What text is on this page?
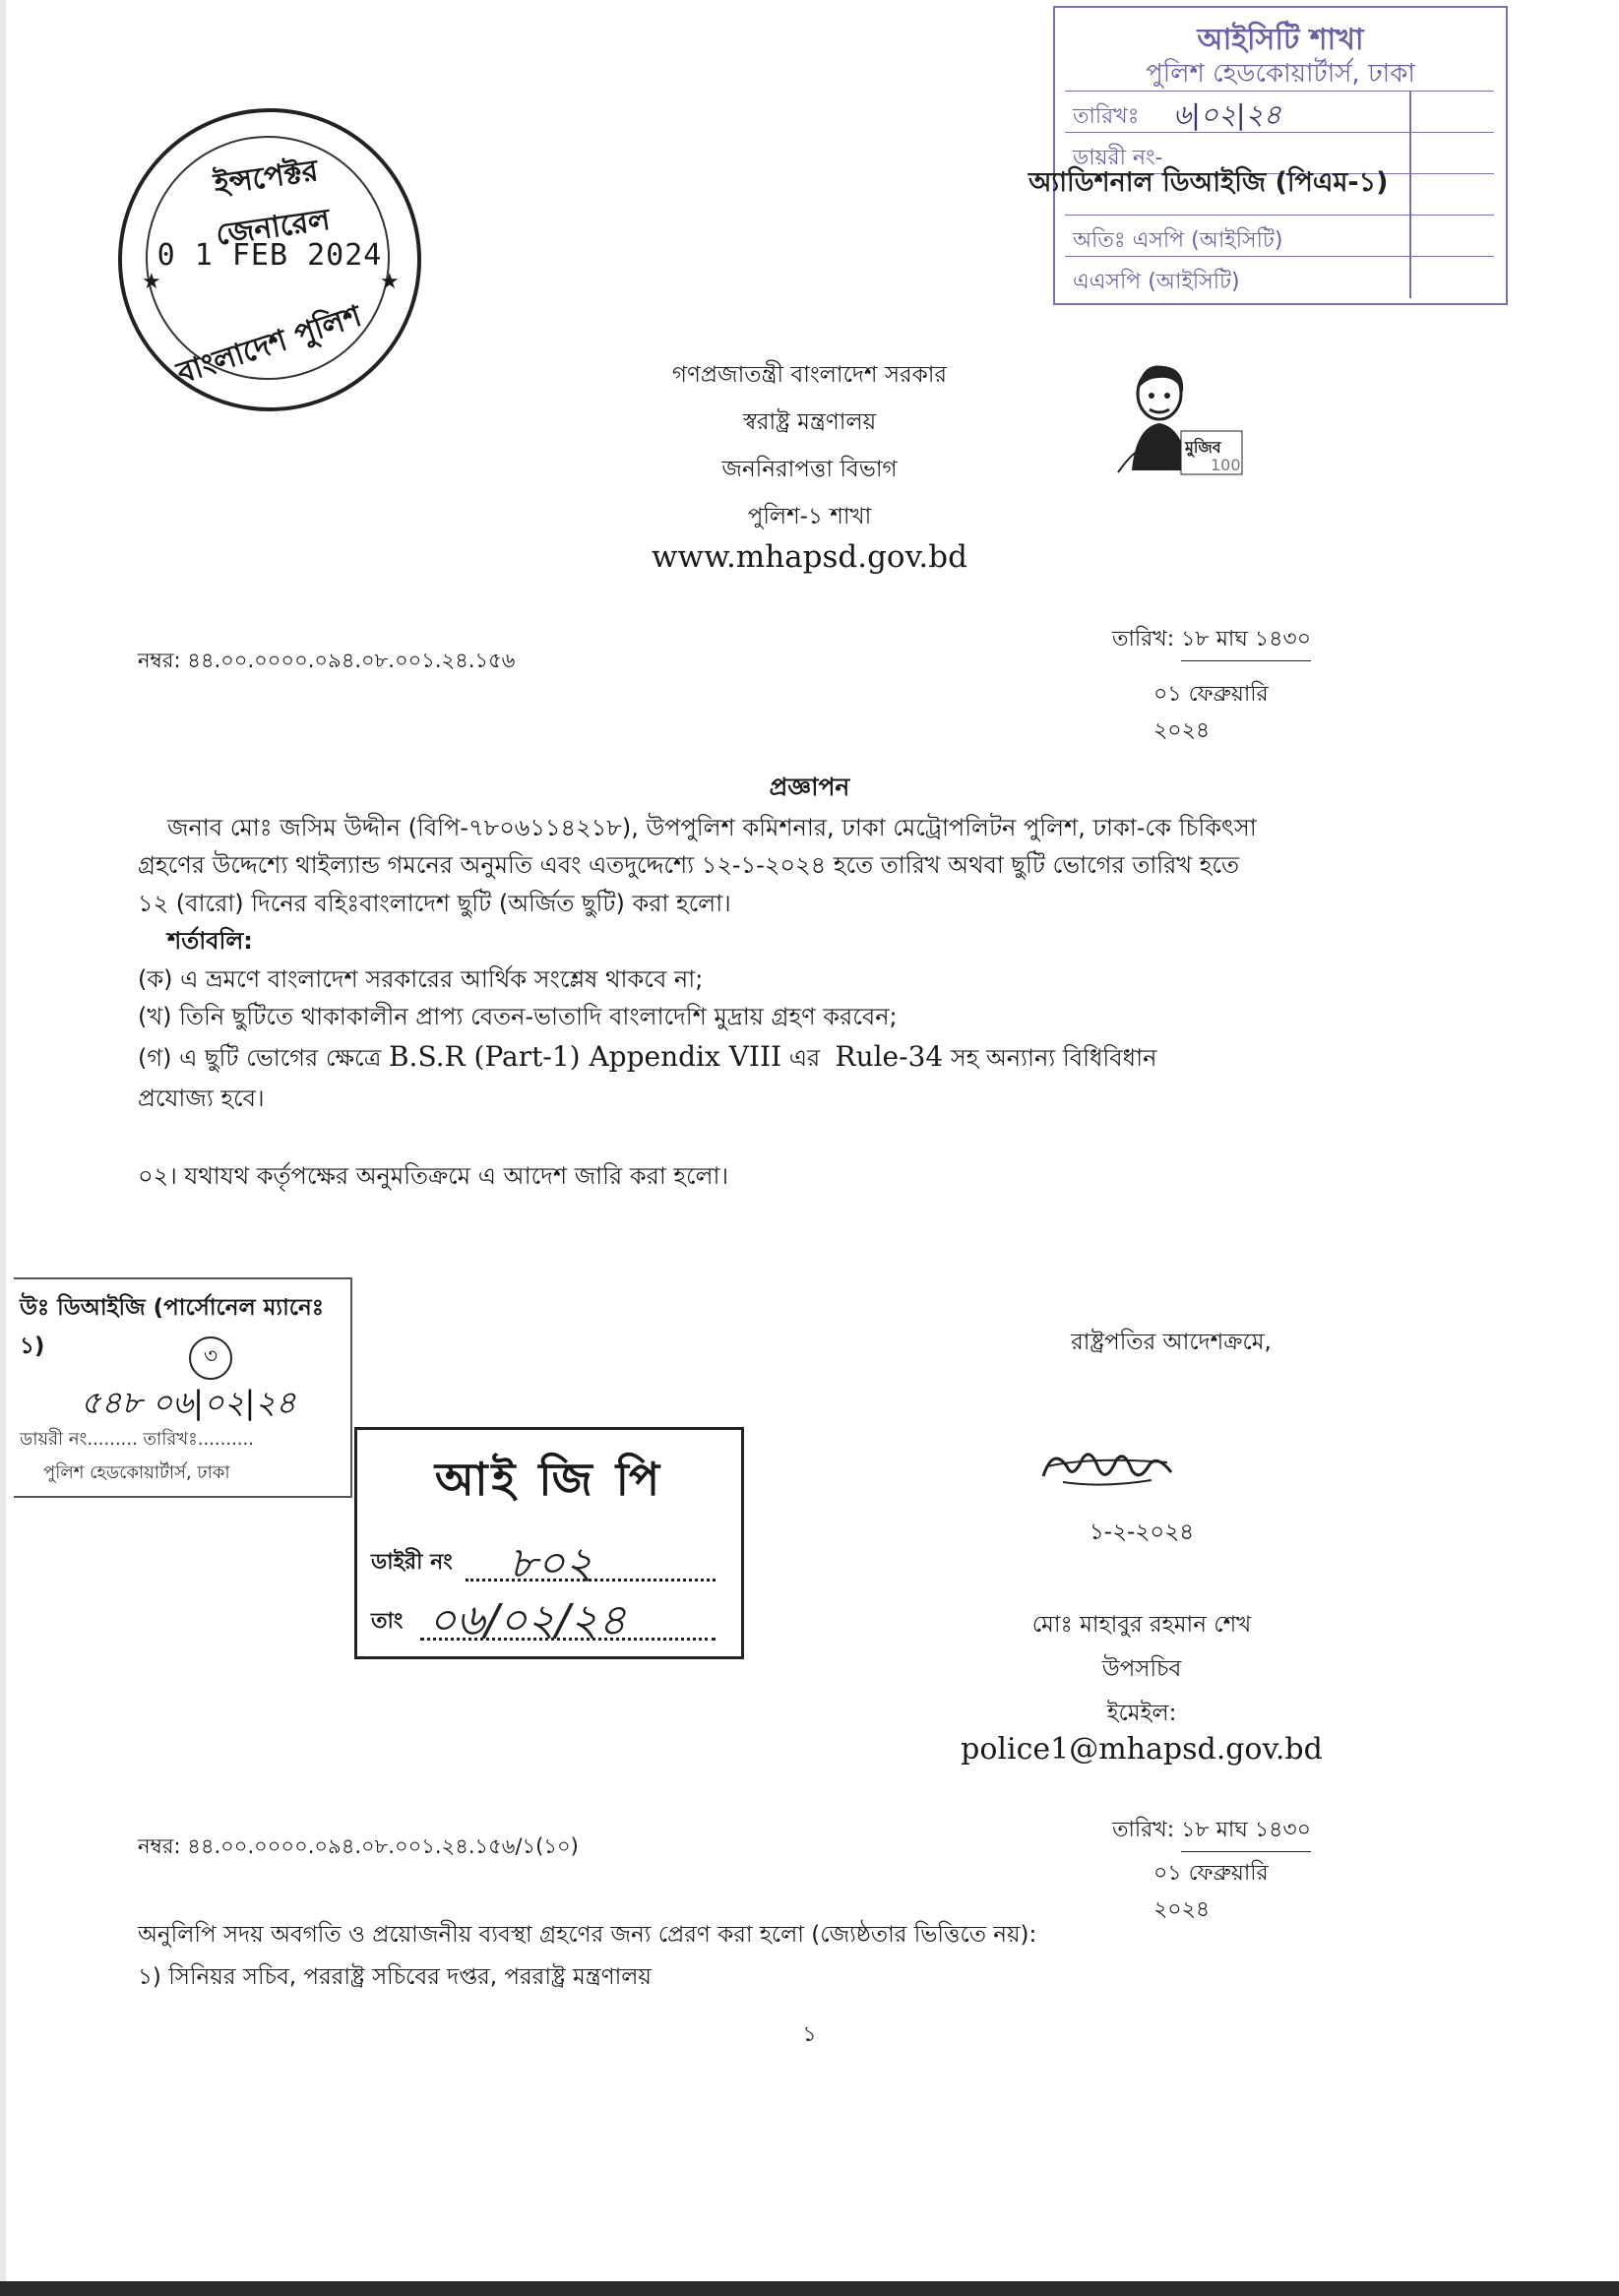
আইসিটি শাখা
পুলিশ হেডকোয়ার্টার্স, ঢাকা
তারিখঃ ৬|০২|২৪
ডায়রী নং-
অতিঃ এসপি (আইসিটি)
এএসপি (আইসিটি)
অ্যাডিশনাল ডিআইজি (পিএম-১)
ইন্সপেক্টর জেনারেল
0 1 FEB 2024
বাংলাদেশ পুলিশ
★	★
গণপ্রজাতন্ত্রী বাংলাদেশ সরকার
স্বরাষ্ট্র মন্ত্রণালয়
জননিরাপত্তা বিভাগ
পুলিশ-১ শাখা
www.mhapsd.gov.bd
মুজিব
100
নম্বর: ৪৪.০০.০০০০.০৯৪.০৮.০০১.২৪.১৫৬
তারিখ: ১৮ মাঘ ১৪৩০
০১ ফেব্রুয়ারি ২০২৪
প্রজ্ঞাপন

জনাব মোঃ জসিম উদ্দীন (বিপি-৭৮০৬১১৪২১৮), উপপুলিশ কমিশনার, ঢাকা মেট্রোপলিটন পুলিশ, ঢাকা-কে চিকিৎসা

গ্রহণের উদ্দেশ্যে থাইল্যান্ড গমনের অনুমতি এবং এতদুদ্দেশ্যে ১২-১-২০২৪ হতে তারিখ অথবা ছুটি ভোগের তারিখ হতে

১২ (বারো) দিনের বহিঃবাংলাদেশ ছুটি (অর্জিত ছুটি) করা হলো।

শর্তাবলি:

(ক) এ ভ্রমণে বাংলাদেশ সরকারের আর্থিক সংশ্লেষ থাকবে না;

(খ) তিনি ছুটিতে থাকাকালীন প্রাপ্য বেতন-ভাতাদি বাংলাদেশি মুদ্রায় গ্রহণ করবেন;

(গ) এ ছুটি ভোগের ক্ষেত্রে B.S.R (Part-1) Appendix VIII এর Rule-34 সহ অন্যান্য বিধিবিধান

প্রযোজ্য হবে।

০২। যথাযথ কর্তৃপক্ষের অনুমতিক্রমে এ আদেশ জারি করা হলো।

উঃ ডিআইজি (পার্সোনেল ম্যানেঃ ১)	৩
৫৪৮ ০৬|০২|২৪
ডায়রী নং......... তারিখঃ..........
পুলিশ হেডকোয়ার্টার্স, ঢাকা	আই জি পি
ডাইরী নং ৮০২
তাং ০৬/০২/২৪
রাষ্ট্রপতির আদেশক্রমে,
১-২-২০২৪
মোঃ মাহাবুর রহমান শেখ
উপসচিব
ইমেইল:
police1@mhapsd.gov.bd
নম্বর: ৪৪.০০.০০০০.০৯৪.০৮.০০১.২৪.১৫৬/১(১০)
তারিখ: ১৮ মাঘ ১৪৩০
০১ ফেব্রুয়ারি ২০২৪

অনুলিপি সদয় অবগতি ও প্রয়োজনীয় ব্যবস্থা গ্রহণের জন্য প্রেরণ করা হলো (জ্যেষ্ঠতার ভিত্তিতে নয়):

১) সিনিয়র সচিব, পররাষ্ট্র সচিবের দপ্তর, পররাষ্ট্র মন্ত্রণালয়

১
